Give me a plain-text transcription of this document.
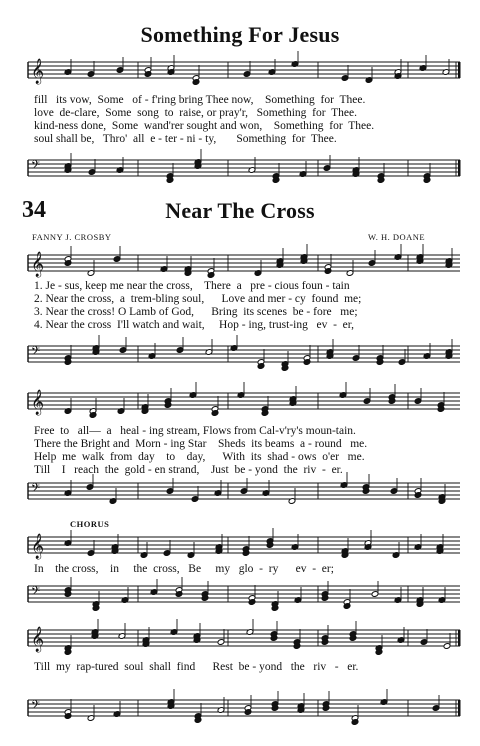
Something For Jesus
𝄞

fill   its vow,  Some   of - f'ring bring Thee now,    Something  for  Thee.

love  de-clare,  Some  song  to  raise, or pray'r,   Something  for  Thee.

kind-ness done,  Some  wand'rer sought and won,    Something  for  Thee.

soul shall be,   Thro'  all  e - ter - ni - ty,       Something  for  Thee.

𝄢
34	Near The Cross
FANNY J. CROSBY	W. H. DOANE
𝄞

1. Je - sus, keep me near the cross,    There  a   pre - cious foun - tain

2. Near the cross,  a  trem-bling soul,      Love and mer - cy  found  me;

3. Near the cross! O Lamb of God,      Bring  its scenes  be - fore   me;

4. Near the cross  I'll watch and wait,     Hop - ing, trust-ing   ev  -  er,

𝄢
𝄞

Free  to   all—  a   heal - ing stream, Flows from Cal-v'ry's moun-tain.

There the Bright and  Morn - ing Star    Sheds  its beams  a - round   me.

Help  me  walk  from  day    to    day,      With  its  shad - ows  o'er   me.

Till    I   reach  the  gold - en strand,    Just  be - yond  the  riv  -  er.

𝄢
CHORUS
𝄞

In    the cross,    in     the  cross,   Be     my   glo  -  ry      ev  -  er;

𝄢
𝄞

Till  my  rap-tured  soul  shall  find      Rest  be - yond   the   riv   -   er.

𝄢
